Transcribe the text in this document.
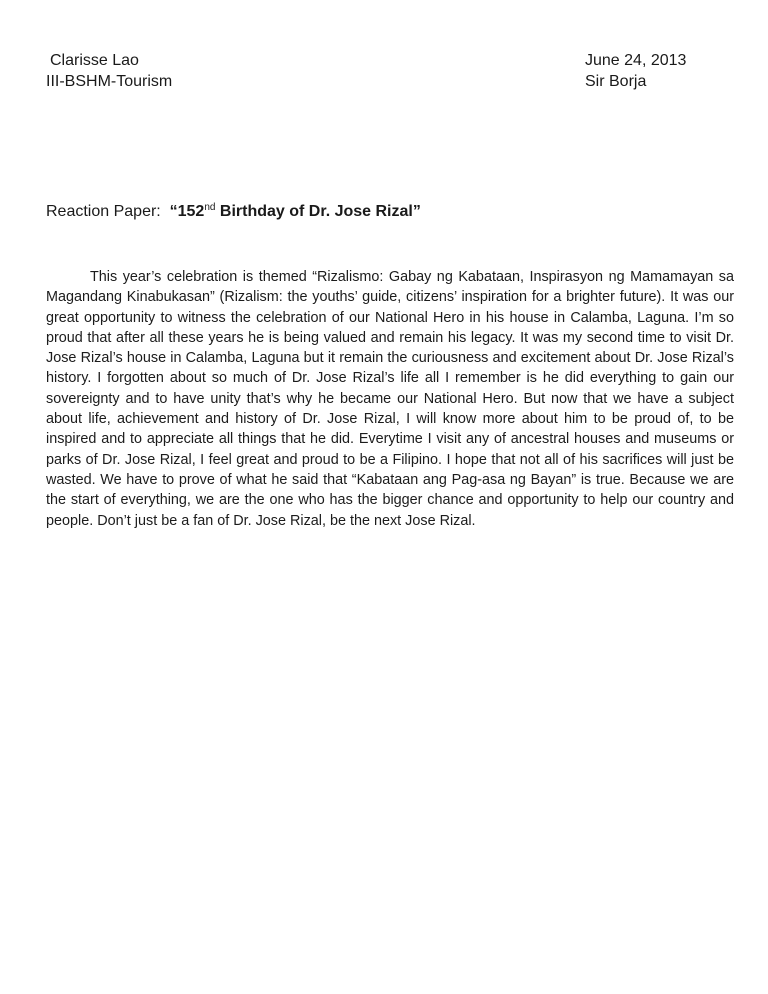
Clarisse Lao
III-BSHM-Tourism
June 24, 2013
Sir Borja
Reaction Paper: “152nd Birthday of Dr. Jose Rizal”

This year’s celebration is themed “Rizalismo: Gabay ng Kabataan, Inspirasyon ng Mamamayan sa Magandang Kinabukasan” (Rizalism: the youths’ guide, citizens’ inspiration for a brighter future). It was our great opportunity to witness the celebration of our National Hero in his house in Calamba, Laguna. I’m so proud that after all these years he is being valued and remain his legacy. It was my second time to visit Dr. Jose Rizal’s house in Calamba, Laguna but it remain the curiousness and excitement about Dr. Jose Rizal’s history. I forgotten about so much of Dr. Jose Rizal’s life all I remember is he did everything to gain our sovereignty and to have unity that’s why he became our National Hero. But now that we have a subject about life, achievement and history of Dr. Jose Rizal, I will know more about him to be proud of, to be inspired and to appreciate all things that he did. Everytime I visit any of ancestral houses and museums or parks of Dr. Jose Rizal, I feel great and proud to be a Filipino. I hope that not all of his sacrifices will just be wasted. We have to prove of what he said that “Kabataan ang Pag-asa ng Bayan” is true. Because we are the start of everything, we are the one who has the bigger chance and opportunity to help our country and people. Don’t just be a fan of Dr. Jose Rizal, be the next Jose Rizal.
